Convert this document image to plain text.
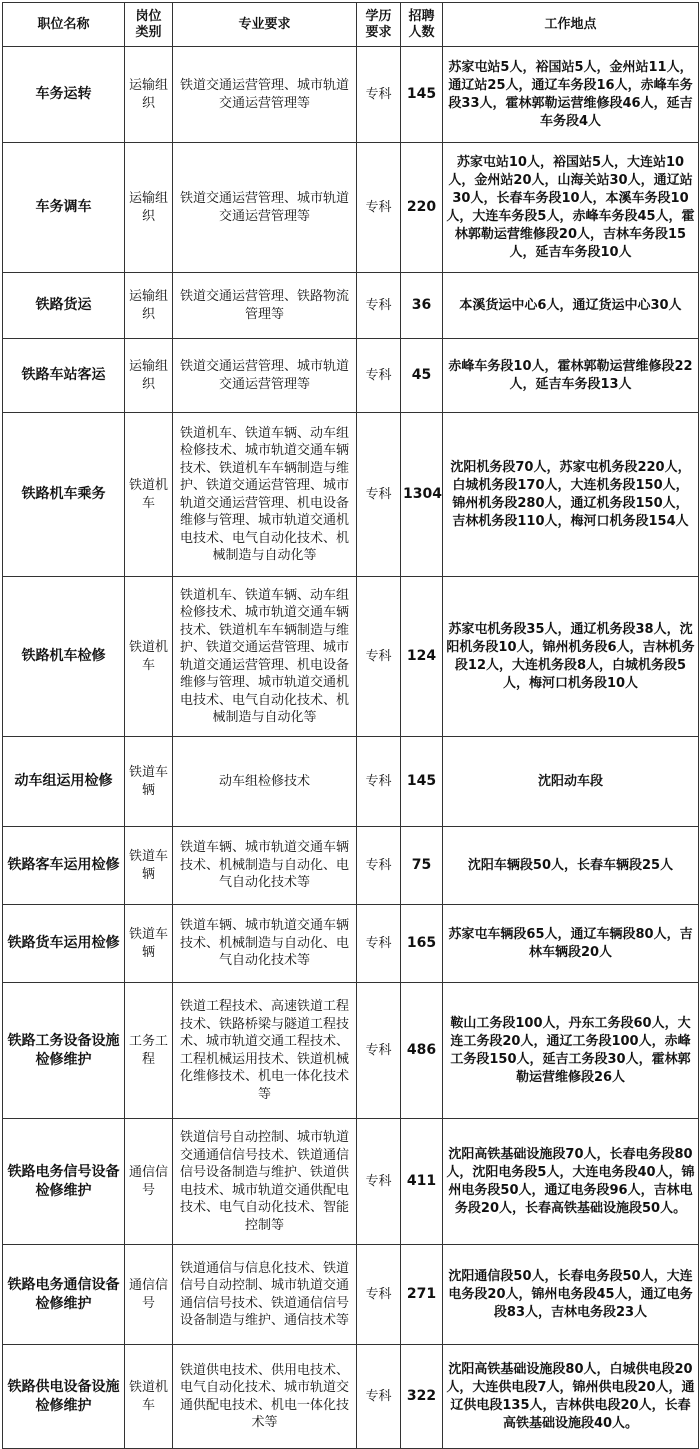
职位名称	岗位类别	专业要求	学历要求	招聘人数	工作地点
车务运转	运输组织	铁道交通运营管理、城市轨道交通运营管理等	专科	145	苏家屯站5人，裕国站5人，金州站11人，通辽站25人，通辽车务段16人，赤峰车务段33人，霍林郭勒运营维修段46人，延吉车务段4人
车务调车	运输组织	铁道交通运营管理、城市轨道交通运营管理等	专科	220	苏家屯站10人，裕国站5人，大连站10人，金州站20人，山海关站30人，通辽站30人，长春车务段10人，本溪车务段10人，大连车务段5人，赤峰车务段45人，霍林郭勒运营维修段20人，吉林车务段15人，延吉车务段10人
铁路货运	运输组织	铁道交通运营管理、铁路物流管理等	专科	36	本溪货运中心6人，通辽货运中心30人
铁路车站客运	运输组织	铁道交通运营管理、城市轨道交通运营管理等	专科	45	赤峰车务段10人，霍林郭勒运营维修段22人，延吉车务段13人
铁路机车乘务	铁道机车	铁道机车、铁道车辆、动车组检修技术、城市轨道交通车辆技术、铁道机车车辆制造与维护、铁道交通运营管理、城市轨道交通运营管理、机电设备维修与管理、城市轨道交通机电技术、电气自动化技术、机械制造与自动化等	专科	1304	沈阳机务段70人，苏家屯机务段220人，白城机务段170人，大连机务段150人，锦州机务段280人，通辽机务段150人，吉林机务段110人，梅河口机务段154人
铁路机车检修	铁道机车	铁道机车、铁道车辆、动车组检修技术、城市轨道交通车辆技术、铁道机车车辆制造与维护、铁道交通运营管理、城市轨道交通运营管理、机电设备维修与管理、城市轨道交通机电技术、电气自动化技术、机械制造与自动化等	专科	124	苏家屯机务段35人，通辽机务段38人，沈阳机务段10人，锦州机务段6人，吉林机务段12人，大连机务段8人，白城机务段5人，梅河口机务段10人
动车组运用检修	铁道车辆	动车组检修技术	专科	145	沈阳动车段
铁路客车运用检修	铁道车辆	铁道车辆、城市轨道交通车辆技术、机械制造与自动化、电气自动化技术等	专科	75	沈阳车辆段50人，长春车辆段25人
铁路货车运用检修	铁道车辆	铁道车辆、城市轨道交通车辆技术、机械制造与自动化、电气自动化技术等	专科	165	苏家屯车辆段65人，通辽车辆段80人，吉林车辆段20人
铁路工务设备设施 检修维护	工务工程	铁道工程技术、高速铁道工程技术、铁路桥梁与隧道工程技术、城市轨道交通工程技术、工程机械运用技术、铁道机械化维修技术、机电一体化技术等	专科	486	鞍山工务段100人，丹东工务段60人，大连工务段20人，通辽工务段100人，赤峰工务段150人，延吉工务段30人，霍林郭勒运营维修段26人
铁路电务信号设备 检修维护	通信信号	铁道信号自动控制、城市轨道交通通信信号技术、铁道通信信号设备制造与维护、铁道供电技术、城市轨道交通供配电技术、电气自动化技术、智能控制等	专科	411	沈阳高铁基础设施段70人，长春电务段80人，沈阳电务段5人，大连电务段40人，锦州电务段50人，通辽电务段96人，吉林电务段20人，长春高铁基础设施段50人。
铁路电务通信设备 检修维护	通信信号	铁道通信与信息化技术、铁道信号自动控制、城市轨道交通通信信号技术、铁道通信信号设备制造与维护、通信技术等	专科	271	沈阳通信段50人，长春电务段50人，大连电务段20人，锦州电务段45人，通辽电务段83人，吉林电务段23人
铁路供电设备设施 检修维护	铁道机车	铁道供电技术、供用电技术、电气自动化技术、城市轨道交通供配电技术、机电一体化技术等	专科	322	沈阳高铁基础设施段80人，白城供电段20人，大连供电段7人，锦州供电段20人，通辽供电段135人，吉林供电段20人，长春高铁基础设施段40人。
